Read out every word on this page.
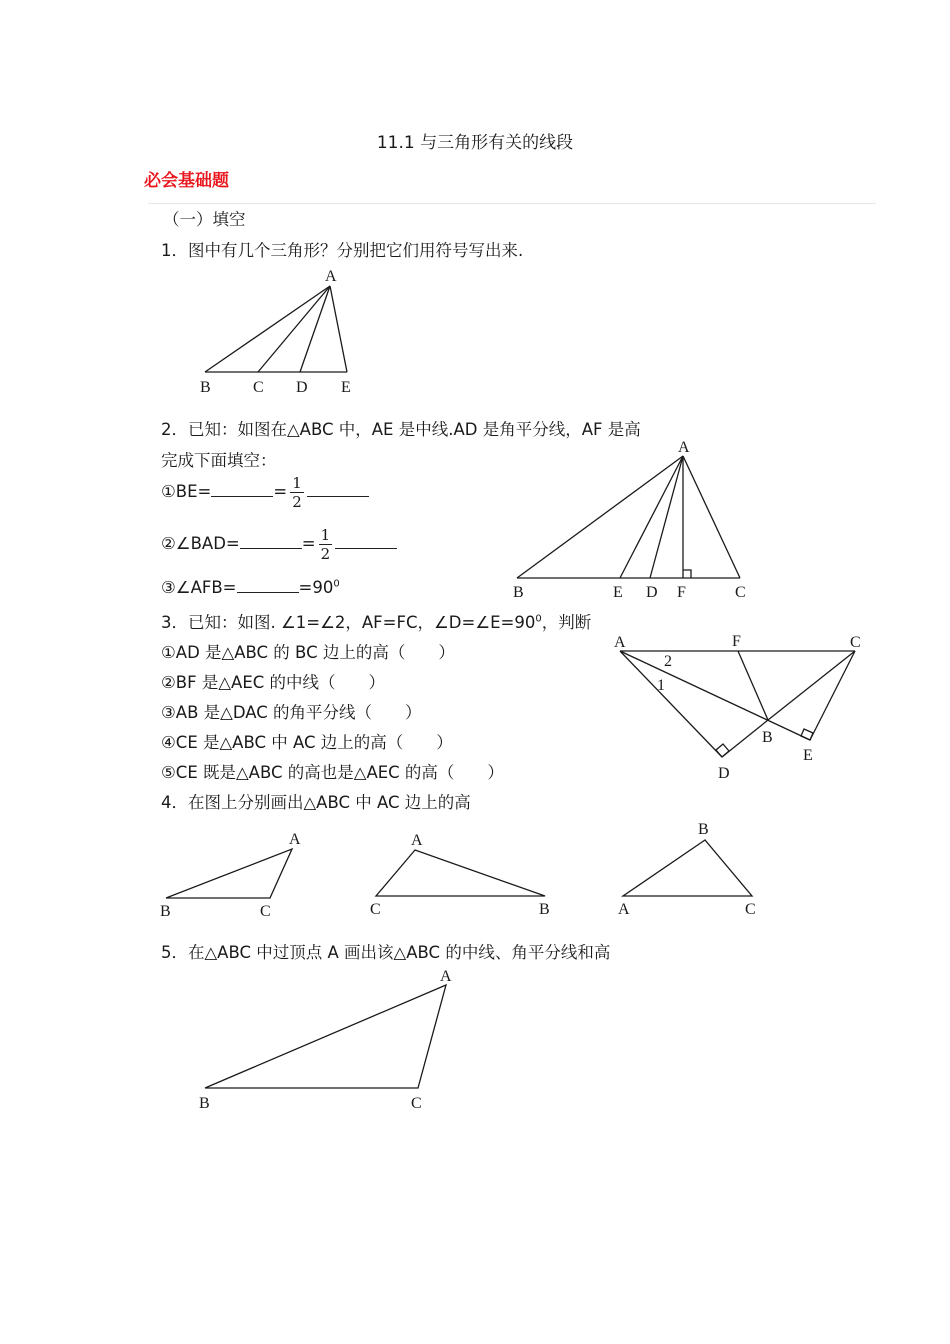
11.1 与三角形有关的线段
必会基础题
（一）填空
1．图中有几个三角形？分别把它们用符号写出来.
A
B	C D E
2．已知：如图在△ABC 中，AE 是中线.AD 是角平分线，AF 是高
完成下面填空：
①BE=	= $\frac{1}{2}$
②∠BAD=	= $\frac{1}{2}$
③∠AFB=	$=90^0$
A
B	E D F	C
3．已知：如图. ∠1=∠2，AF=FC，$\angle D=\angle E=90^0$，判断
①AD 是△ABC 的 BC 边上的高（　　）
②BF 是△AEC 的中线（　　）
③AB 是△DAC 的角平分线（　　）
④CE 是△ABC 中 AC 边上的高（　　）
⑤CE 既是△ABC 的高也是△AEC 的高（　　）
A	F	C
2
1
B
E
D
4．在图上分别画出△ABC 中 AC 边上的高
A
B	C
A
C	B
B
A	C
5．在△ABC 中过顶点 A 画出该△ABC 的中线、角平分线和高
A
B	C
